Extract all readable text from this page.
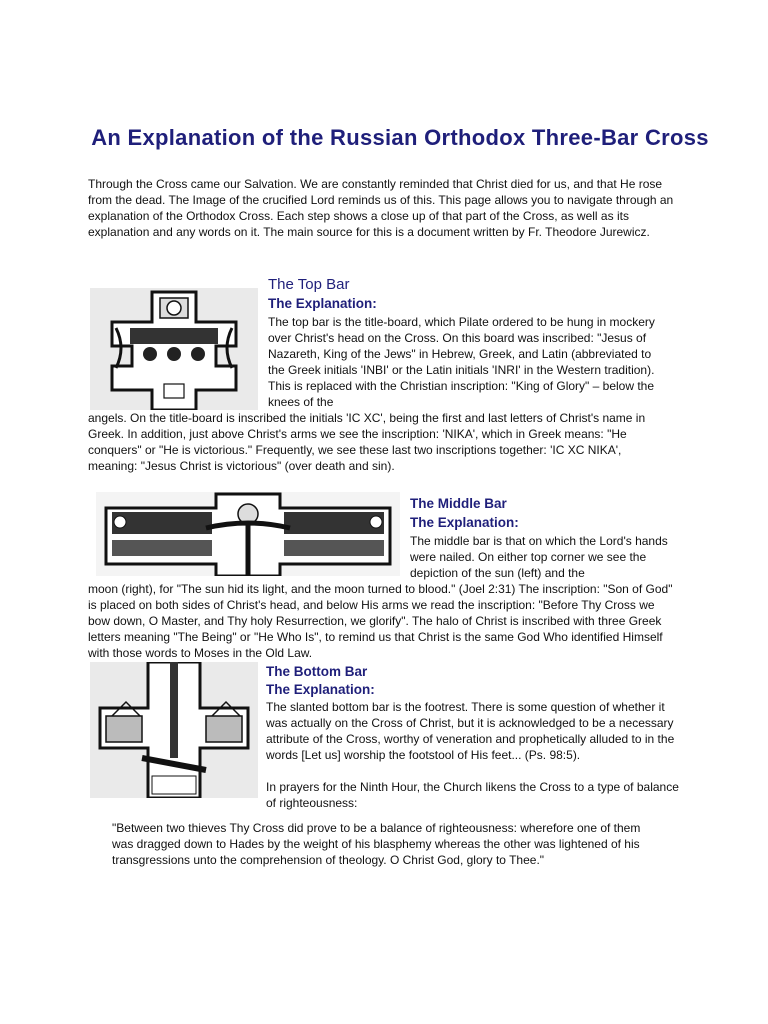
An Explanation of the Russian Orthodox Three-Bar Cross

Through the Cross came our Salvation. We are constantly reminded that Christ died for us, and that He rose from the dead. The Image of the crucified Lord reminds us of this. This page allows you to navigate through an explanation of the Orthodox Cross. Each step shows a close up of that part of the Cross, as well as its explanation and any words on it. The main source for this is a document written by Fr. Theodore Jurewicz.

The Top Bar
The Explanation:

The top bar is the title-board, which Pilate ordered to be hung in mockery over Christ's head on the Cross. On this board was inscribed: "Jesus of Nazareth, King of the Jews" in Hebrew, Greek, and Latin (abbreviated to the Greek initials 'INBI' or the Latin initials 'INRI' in the Western tradition). This is replaced with the Christian inscription: "King of Glory" – below the knees of the

angels. On the title-board is inscribed the initials 'IC XC', being the first and last letters of Christ's name in Greek. In addition, just above Christ's arms we see the inscription: 'NIKA', which in Greek means: "He conquers" or "He is victorious." Frequently, we see these last two inscriptions together: 'IC XC NIKA', meaning: "Jesus Christ is victorious" (over death and sin).

The Middle Bar
The Explanation:

The middle bar is that on which the Lord's hands were nailed. On either top corner we see the depiction of the sun (left) and the

moon (right), for "The sun hid its light, and the moon turned to blood." (Joel 2:31) The inscription: "Son of God" is placed on both sides of Christ's head, and below His arms we read the inscription: "Before Thy Cross we bow down, O Master, and Thy holy Resurrection, we glorify". The halo of Christ is inscribed with three Greek letters meaning "The Being" or "He Who Is", to remind us that Christ is the same God Who identified Himself with those words to Moses in the Old Law.

The Bottom Bar
The Explanation:

The slanted bottom bar is the footrest. There is some question of whether it was actually on the Cross of Christ, but it is acknowledged to be a necessary attribute of the Cross, worthy of veneration and prophetically alluded to in the words [Let us] worship the footstool of His feet... (Ps. 98:5).

In prayers for the Ninth Hour, the Church likens the Cross to a type of balance of righteousness:

"Between two thieves Thy Cross did prove to be a balance of righteousness: wherefore one of them was dragged down to Hades by the weight of his blasphemy whereas the other was lightened of his transgressions unto the comprehension of theology. O Christ God, glory to Thee."
